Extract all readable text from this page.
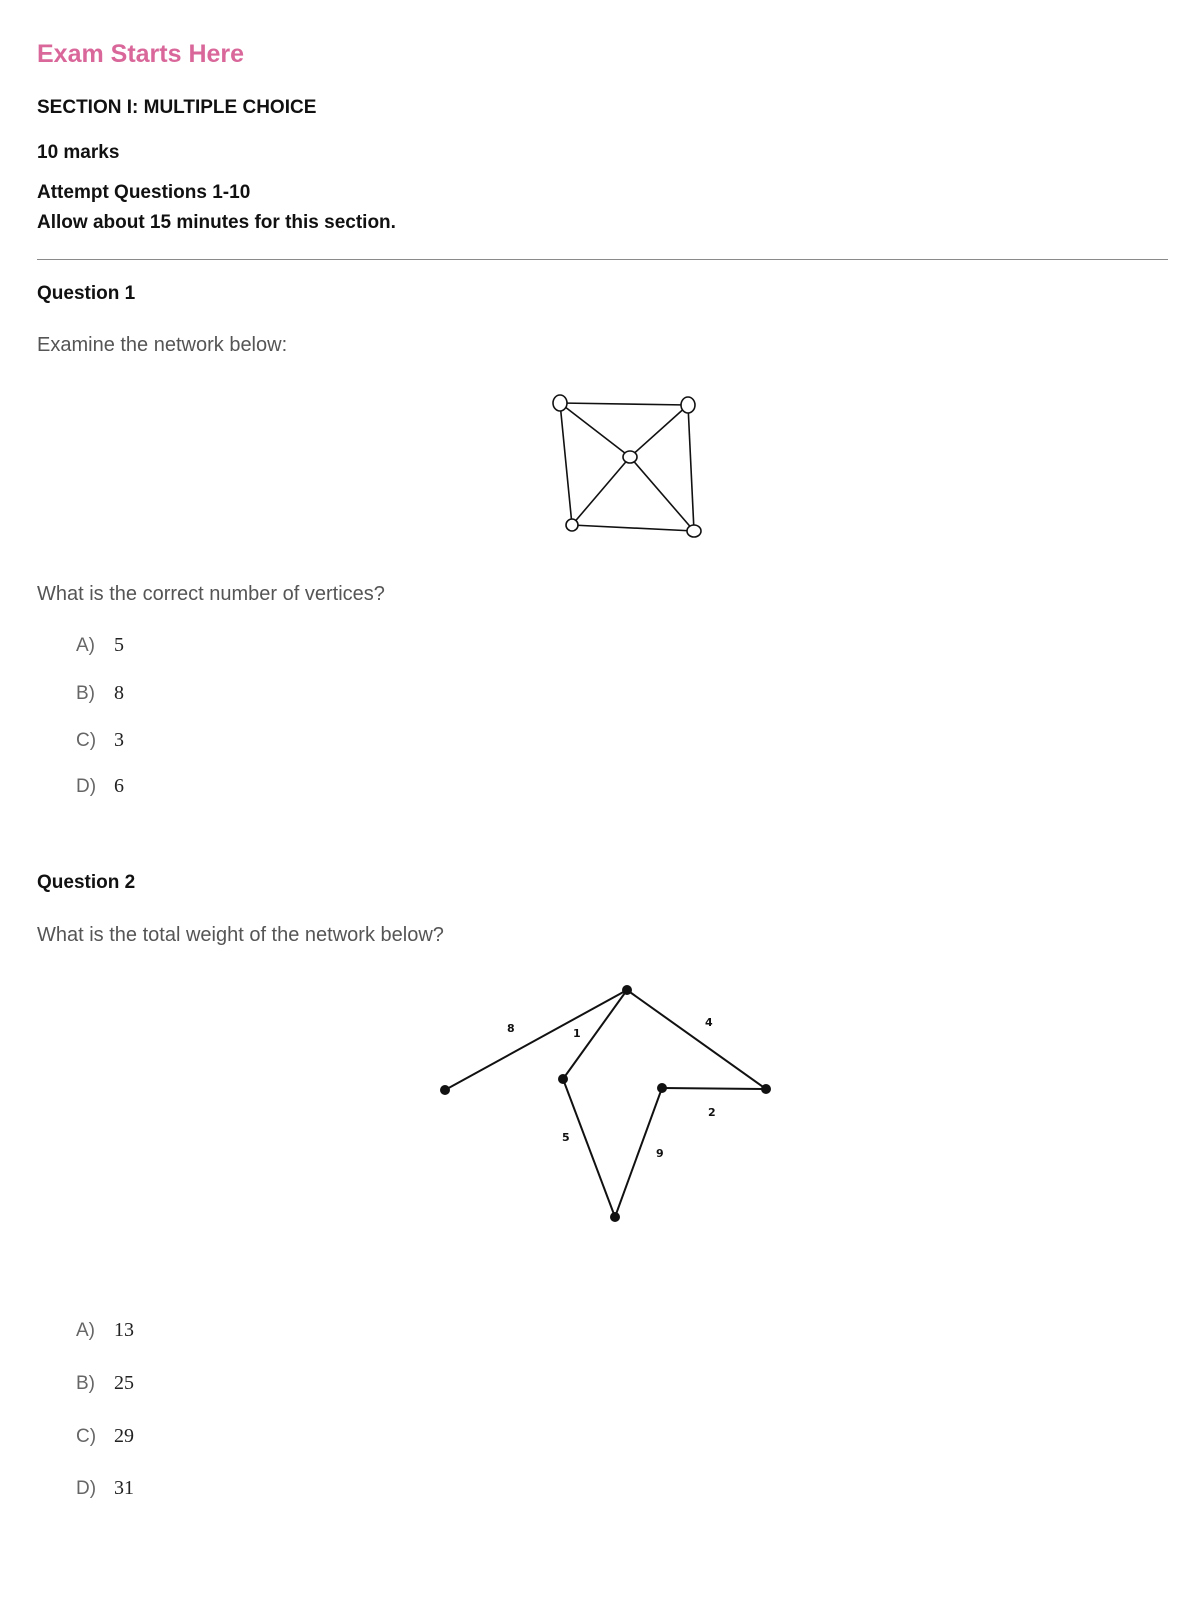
Exam Starts Here

SECTION I: MULTIPLE CHOICE

10 marks

Attempt Questions 1-10

Allow about 15 minutes for this section.

Question 1

Examine the network below:

What is the correct number of vertices?

A) 5
B) 8
C) 3
D) 6

Question 2

What is the total weight of the network below?

8	1
4
2
5
9
A) 13
B) 25
C) 29
D) 31
